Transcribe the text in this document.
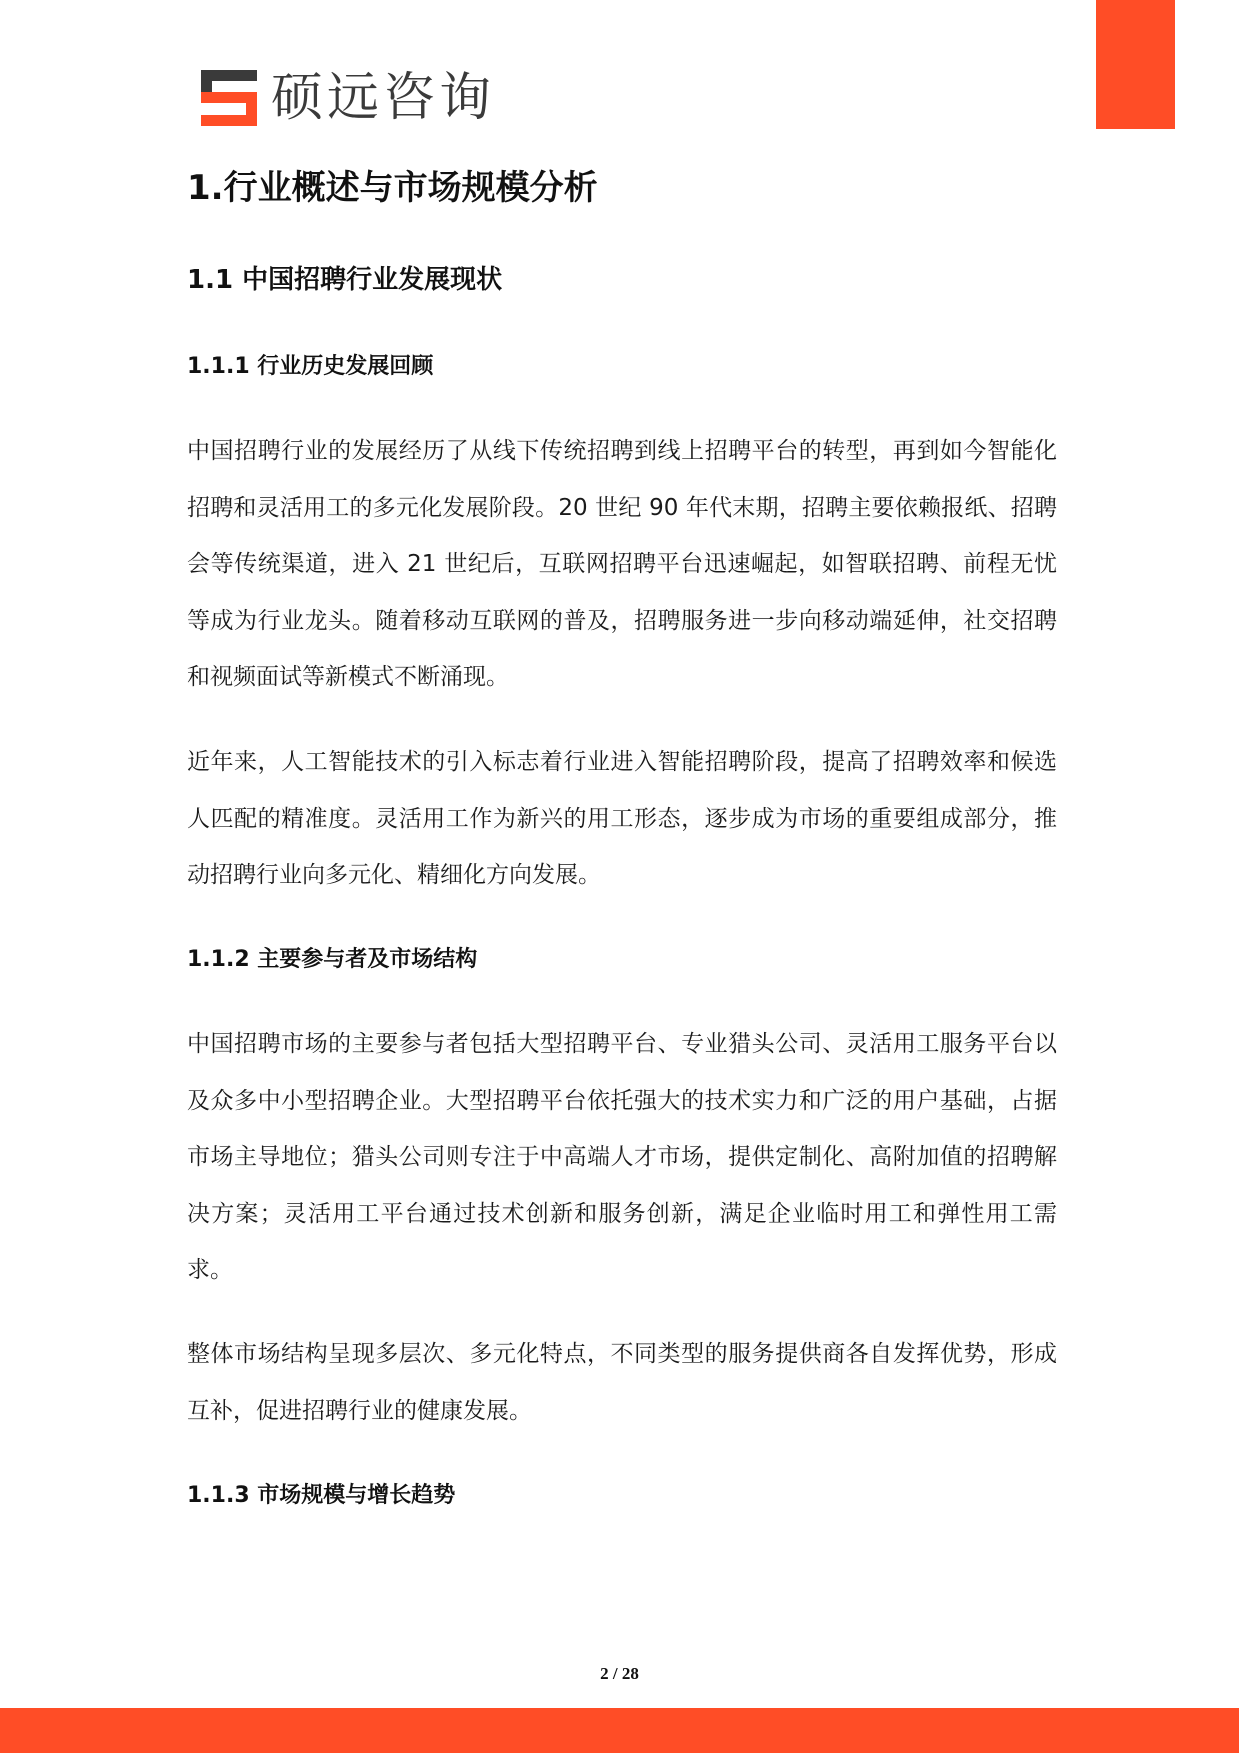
硕远咨询
1.行业概述与市场规模分析
1.1 中国招聘行业发展现状
1.1.1 行业历史发展回顾

中国招聘行业的发展经历了从线下传统招聘到线上招聘平台的转型，再到如今智能化招聘和灵活用工的多元化发展阶段。20 世纪 90 年代末期，招聘主要依赖报纸、招聘会等传统渠道，进入 21 世纪后，互联网招聘平台迅速崛起，如智联招聘、前程无忧等成为行业龙头。随着移动互联网的普及，招聘服务进一步向移动端延伸，社交招聘和视频面试等新模式不断涌现。

近年来，人工智能技术的引入标志着行业进入智能招聘阶段，提高了招聘效率和候选人匹配的精准度。灵活用工作为新兴的用工形态，逐步成为市场的重要组成部分，推动招聘行业向多元化、精细化方向发展。

1.1.2 主要参与者及市场结构

中国招聘市场的主要参与者包括大型招聘平台、专业猎头公司、灵活用工服务平台以及众多中小型招聘企业。大型招聘平台依托强大的技术实力和广泛的用户基础，占据市场主导地位；猎头公司则专注于中高端人才市场，提供定制化、高附加值的招聘解决方案；灵活用工平台通过技术创新和服务创新，满足企业临时用工和弹性用工需求。

整体市场结构呈现多层次、多元化特点，不同类型的服务提供商各自发挥优势，形成互补，促进招聘行业的健康发展。

1.1.3 市场规模与增长趋势
2 / 28
